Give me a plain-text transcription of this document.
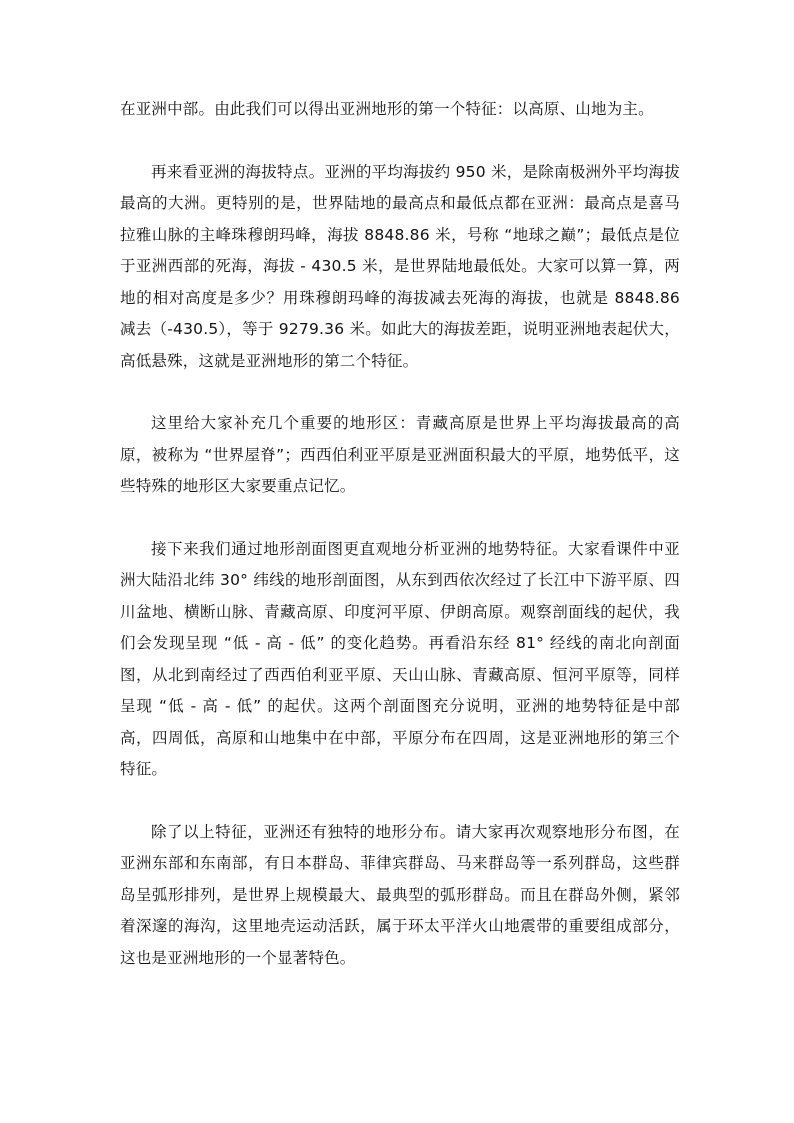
在亚洲中部。由此我们可以得出亚洲地形的第一个特征：以高原、山地为主。

再来看亚洲的海拔特点。亚洲的平均海拔约 950 米，是除南极洲外平均海拔最高的大洲。更特别的是，世界陆地的最高点和最低点都在亚洲：最高点是喜马拉雅山脉的主峰珠穆朗玛峰，海拔 8848.86 米，号称 “地球之巅”；最低点是位于亚洲西部的死海，海拔 - 430.5 米，是世界陆地最低处。大家可以算一算，两地的相对高度是多少？用珠穆朗玛峰的海拔减去死海的海拔，也就是 8848.86 减去（-430.5），等于 9279.36 米。如此大的海拔差距，说明亚洲地表起伏大，高低悬殊，这就是亚洲地形的第二个特征。

这里给大家补充几个重要的地形区：青藏高原是世界上平均海拔最高的高原，被称为 “世界屋脊”；西西伯利亚平原是亚洲面积最大的平原，地势低平，这些特殊的地形区大家要重点记忆。

接下来我们通过地形剖面图更直观地分析亚洲的地势特征。大家看课件中亚洲大陆沿北纬 30° 纬线的地形剖面图，从东到西依次经过了长江中下游平原、四川盆地、横断山脉、青藏高原、印度河平原、伊朗高原。观察剖面线的起伏，我们会发现呈现 “低 - 高 - 低” 的变化趋势。再看沿东经 81° 经线的南北向剖面图，从北到南经过了西西伯利亚平原、天山山脉、青藏高原、恒河平原等，同样呈现 “低 - 高 - 低” 的起伏。这两个剖面图充分说明，亚洲的地势特征是中部高，四周低，高原和山地集中在中部，平原分布在四周，这是亚洲地形的第三个特征。

除了以上特征，亚洲还有独特的地形分布。请大家再次观察地形分布图，在亚洲东部和东南部，有日本群岛、菲律宾群岛、马来群岛等一系列群岛，这些群岛呈弧形排列，是世界上规模最大、最典型的弧形群岛。而且在群岛外侧，紧邻着深邃的海沟，这里地壳运动活跃，属于环太平洋火山地震带的重要组成部分，这也是亚洲地形的一个显著特色。
